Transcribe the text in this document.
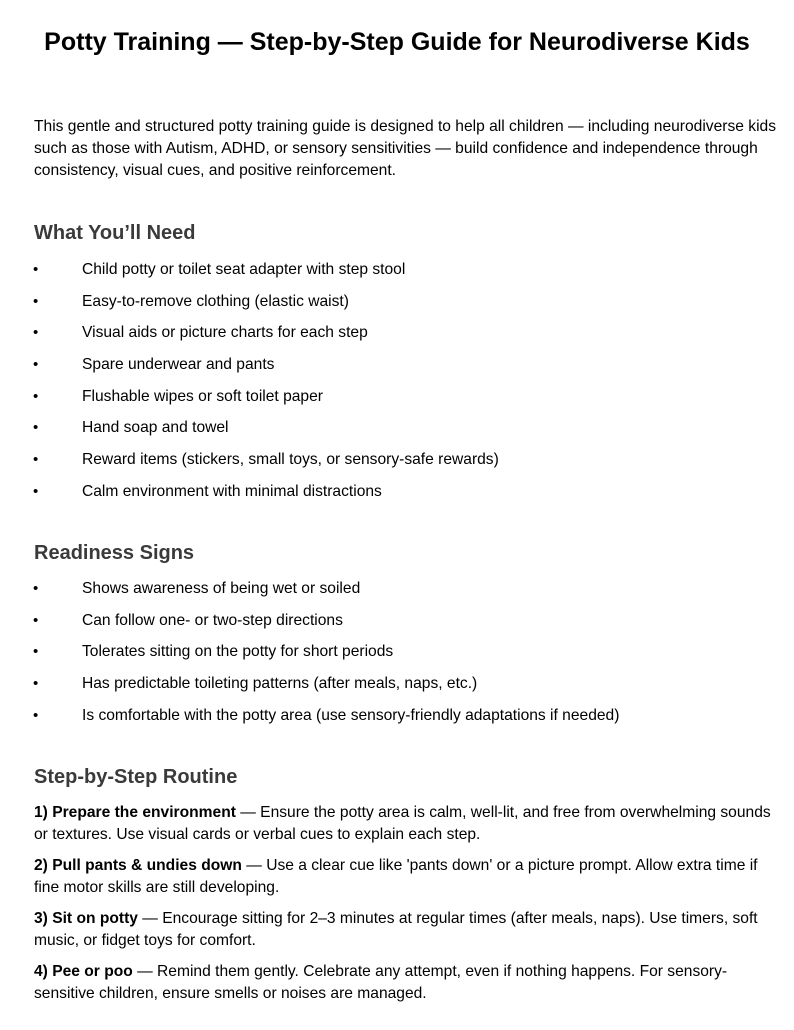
Potty Training — Step-by-Step Guide for Neurodiverse Kids

This gentle and structured potty training guide is designed to help all children — including neurodiverse kids such as those with Autism, ADHD, or sensory sensitivities — build confidence and independence through consistency, visual cues, and positive reinforcement.

What You’ll Need
•	Child potty or toilet seat adapter with step stool
•	Easy-to-remove clothing (elastic waist)
•	Visual aids or picture charts for each step
•	Spare underwear and pants
•	Flushable wipes or soft toilet paper
•	Hand soap and towel
•	Reward items (stickers, small toys, or sensory-safe rewards)
•	Calm environment with minimal distractions
Readiness Signs
•	Shows awareness of being wet or soiled
•	Can follow one- or two-step directions
•	Tolerates sitting on the potty for short periods
•	Has predictable toileting patterns (after meals, naps, etc.)
•	Is comfortable with the potty area (use sensory-friendly adaptations if needed)
Step-by-Step Routine

1) Prepare the environment — Ensure the potty area is calm, well-lit, and free from overwhelming sounds or textures. Use visual cards or verbal cues to explain each step.

2) Pull pants & undies down — Use a clear cue like 'pants down' or a picture prompt. Allow extra time if fine motor skills are still developing.

3) Sit on potty — Encourage sitting for 2–3 minutes at regular times (after meals, naps). Use timers, soft music, or fidget toys for comfort.

4) Pee or poo — Remind them gently. Celebrate any attempt, even if nothing happens. For sensory-sensitive children, ensure smells or noises are managed.
